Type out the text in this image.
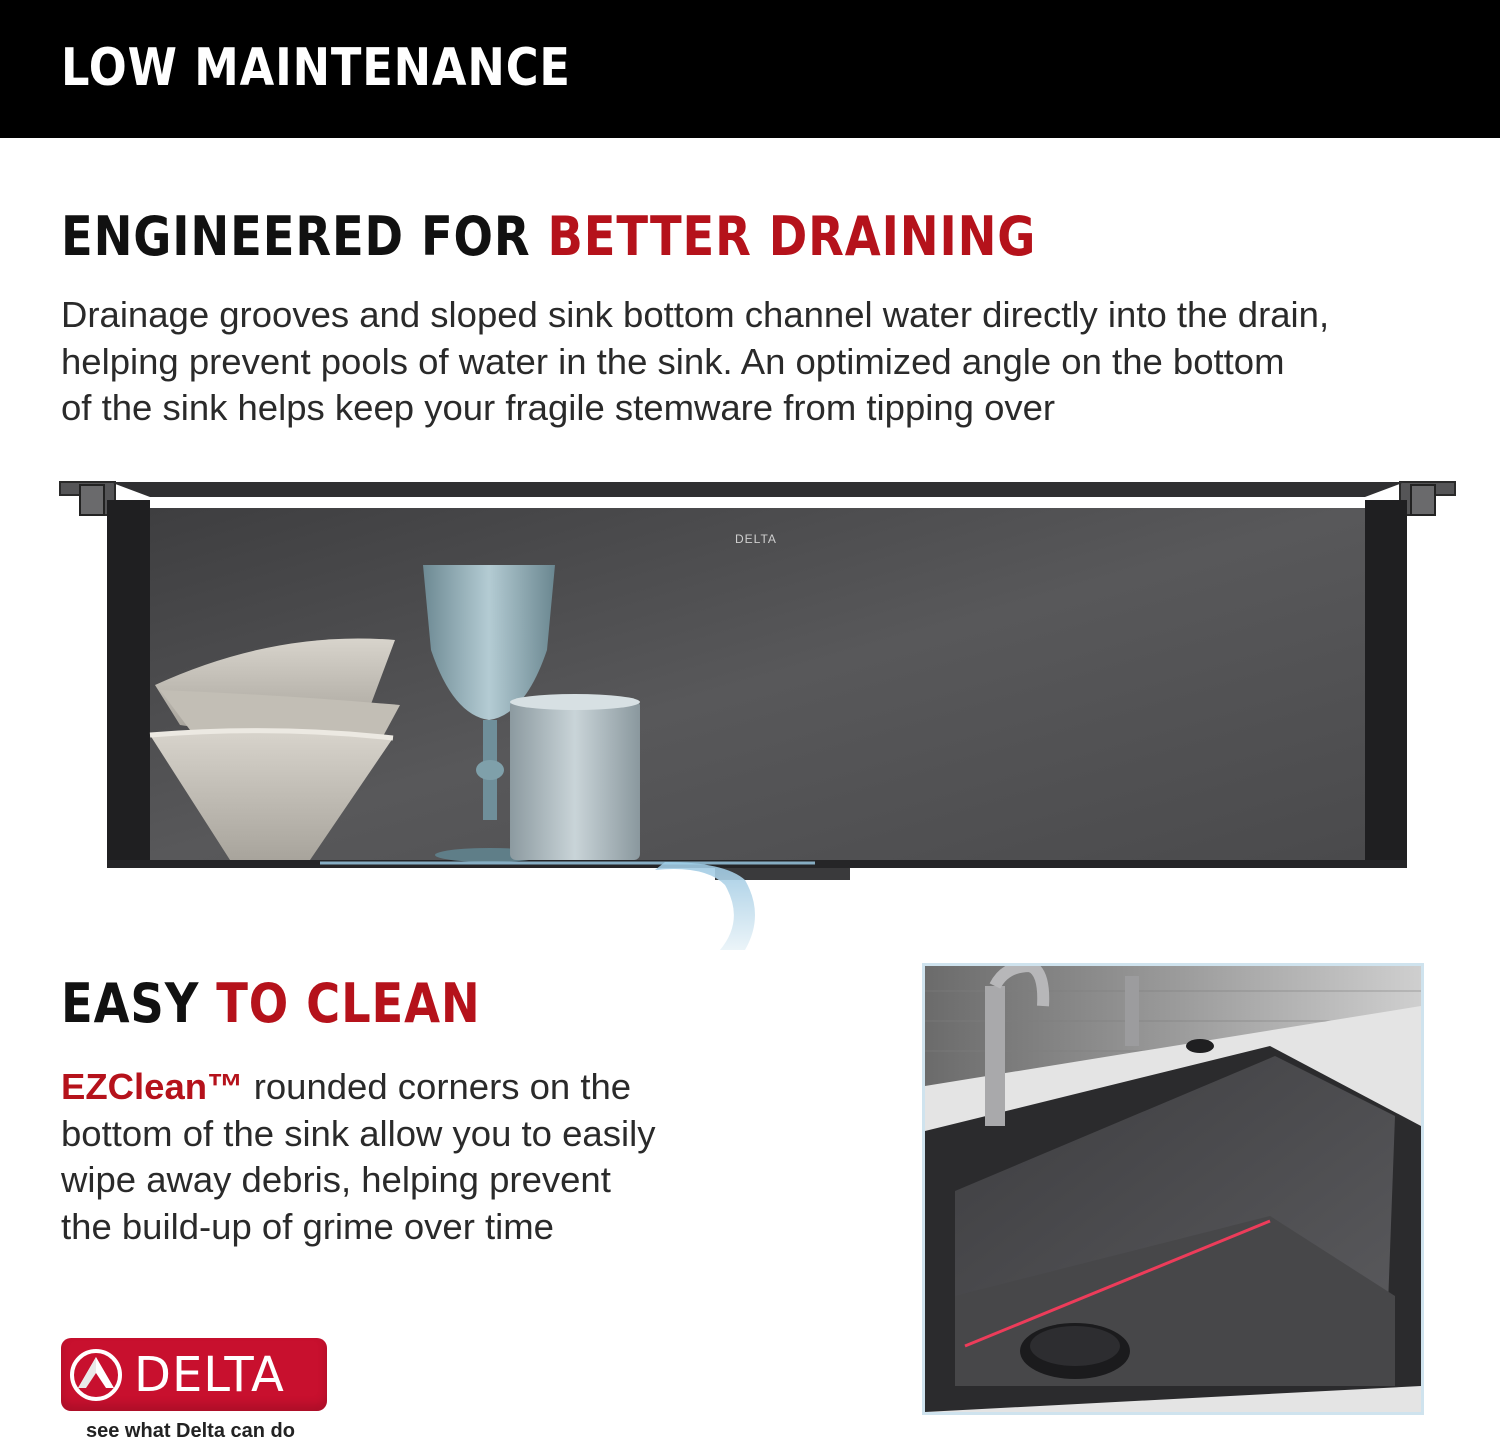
LOW MAINTENANCE
ENGINEERED FOR BETTER DRAINING
Drainage grooves and sloped sink bottom channel water directly into the drain,
helping prevent pools of water in the sink. An optimized angle on the bottom
of the sink helps keep your fragile stemware from tipping over
DELTA
EASY TO CLEAN
EZClean™ rounded corners on the
bottom of the sink allow you to easily
wipe away debris, helping prevent
the build-up of grime over time
DELTA
see what Delta can do
